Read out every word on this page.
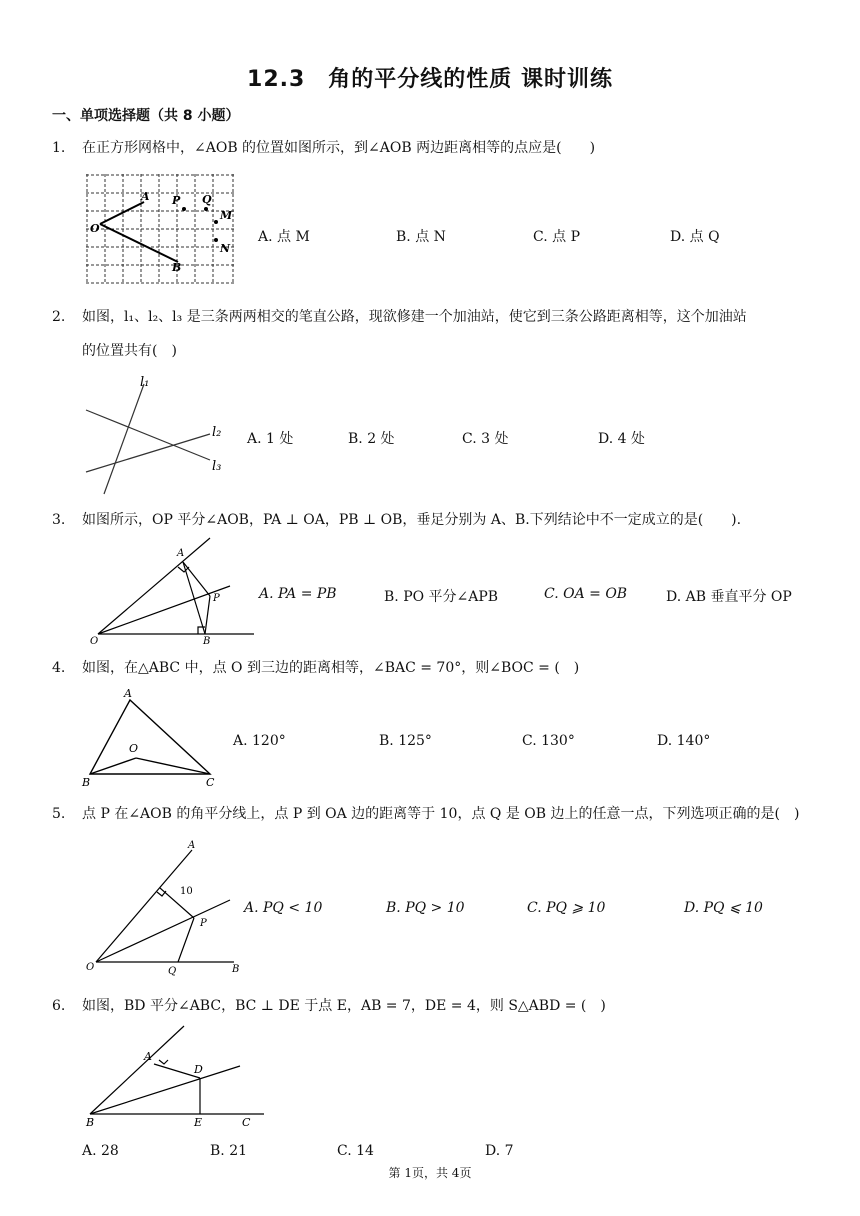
12.3　角的平分线的性质 课时训练
一、单项选择题（共 8 小题）
1. 在正方形网格中，∠AOB 的位置如图所示，到∠AOB 两边距离相等的点应是(　　)
A P Q
M
O
N
B
A. 点 M	B. 点 N	C. 点 P	D. 点 Q
2. 如图，l₁、l₂、l₃ 是三条两两相交的笔直公路，现欲修建一个加油站，使它到三条公路距离相等，这个加油站
的位置共有(　)
l₁
l₂
l₃
A. 1 处	B. 2 处	C. 3 处	D. 4 处
3. 如图所示，OP 平分∠AOB，PA ⊥ OA，PB ⊥ OB，垂足分别为 A、B.下列结论中不一定成立的是(　　).
A
P
O	B
A. PA = PB	B. PO 平分∠APB	C. OA = OB	D. AB 垂直平分 OP
4. 如图，在△ABC 中，点 O 到三边的距离相等，∠BAC = 70°，则∠BOC = (　)
A
O
B	C
A. 120°	B. 125°	C. 130°	D. 140°
5. 点 P 在∠AOB 的角平分线上，点 P 到 OA 边的距离等于 10，点 Q 是 OB 边上的任意一点，下列选项正确的是(　)
A
10
P
O	Q	B
A. PQ < 10	B. PQ > 10	C. PQ ⩾ 10	D. PQ ⩽ 10
6. 如图，BD 平分∠ABC，BC ⊥ DE 于点 E，AB = 7，DE = 4，则 S△ABD = (　)
A
D
B	E	C
A. 28	B. 21	C. 14	D. 7
第 1页，共 4页
